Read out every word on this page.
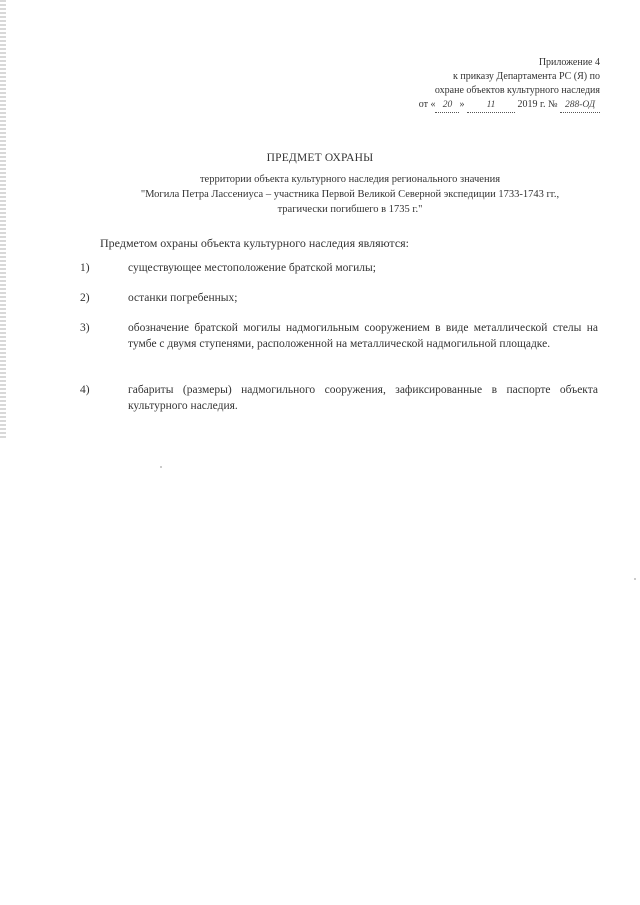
Приложение 4
к приказу Департамента РС (Я) по
охране объектов культурного наследия
от « 20 » 11 2019 г. № 288-ОД
ПРЕДМЕТ ОХРАНЫ
территории объекта культурного наследия регионального значения
"Могила Петра Лассениуса – участника Первой Великой Северной экспедиции 1733-1743 гг.,
трагически погибшего в 1735 г."
Предметом охраны объекта культурного наследия являются:
1)	существующее местоположение братской могилы;
2)	останки погребенных;
3)	обозначение братской могилы надмогильным сооружением в виде металлической стелы на тумбе с двумя ступенями, расположенной на металлической надмогильной площадке.
4)	габариты (размеры) надмогильного сооружения, зафиксированные в паспорте объекта культурного наследия.
